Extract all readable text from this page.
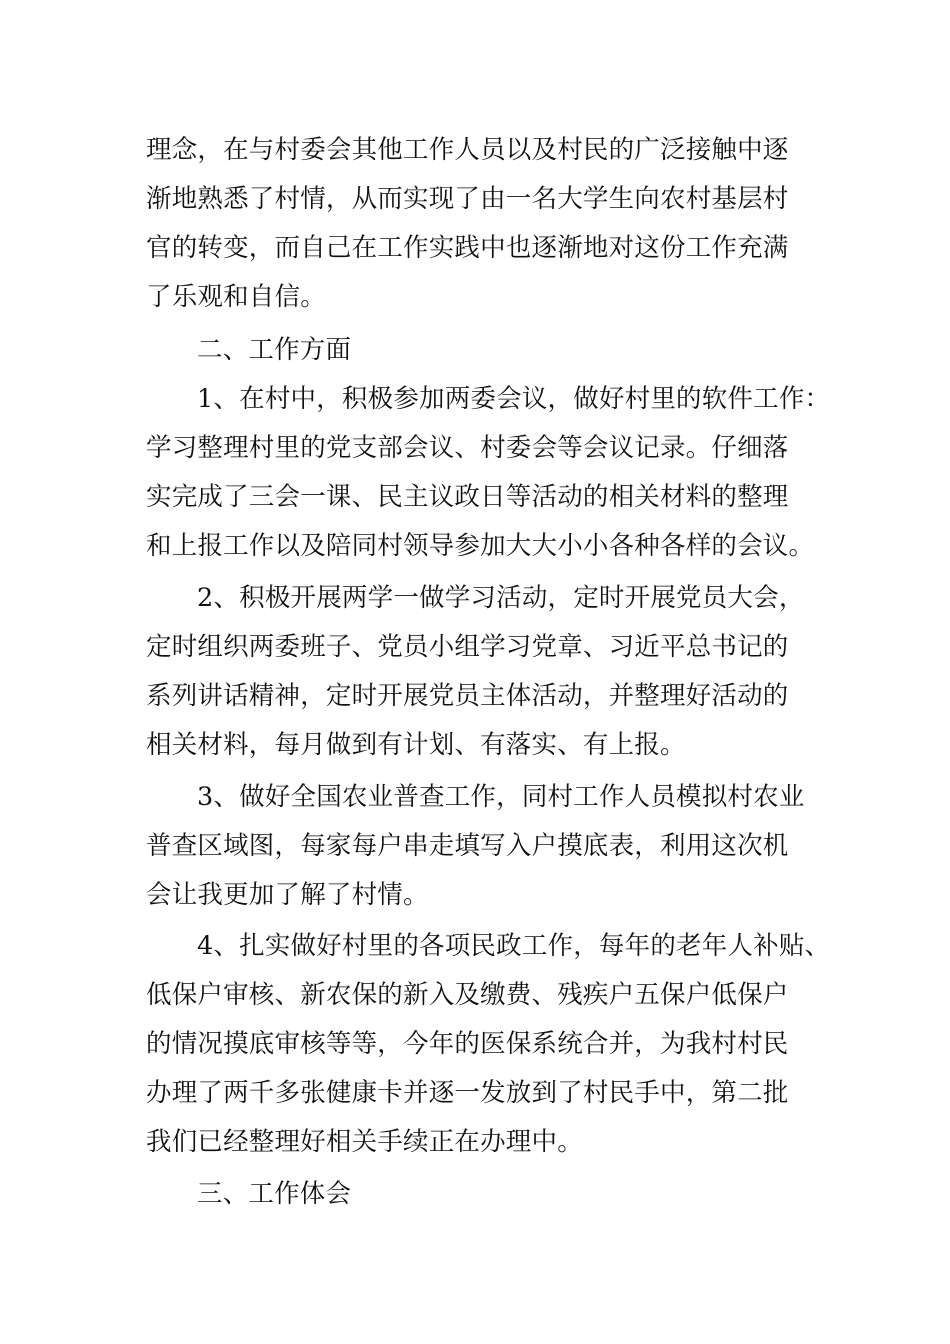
理念，在与村委会其他工作人员以及村民的广泛接触中逐
渐地熟悉了村情，从而实现了由一名大学生向农村基层村
官的转变，而自己在工作实践中也逐渐地对这份工作充满
了乐观和自信。
二、工作方面
1、在村中，积极参加两委会议，做好村里的软件工作：
学习整理村里的党支部会议、村委会等会议记录。仔细落
实完成了三会一课、民主议政日等活动的相关材料的整理
和上报工作以及陪同村领导参加大大小小各种各样的会议。
2、积极开展两学一做学习活动，定时开展党员大会，
定时组织两委班子、党员小组学习党章、习近平总书记的
系列讲话精神，定时开展党员主体活动，并整理好活动的
相关材料，每月做到有计划、有落实、有上报。
3、做好全国农业普查工作，同村工作人员模拟村农业
普查区域图，每家每户串走填写入户摸底表，利用这次机
会让我更加了解了村情。
4、扎实做好村里的各项民政工作，每年的老年人补贴、
低保户审核、新农保的新入及缴费、残疾户五保户低保户
的情况摸底审核等等，今年的医保系统合并，为我村村民
办理了两千多张健康卡并逐一发放到了村民手中，第二批
我们已经整理好相关手续正在办理中。
三、工作体会
